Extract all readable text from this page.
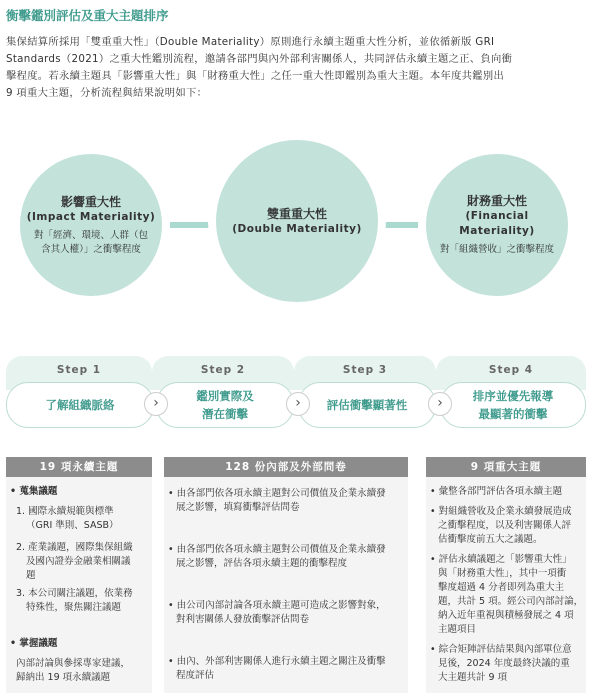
衡擊鑑別評估及重大主題排序
集保結算所採用「雙重重大性」（Double Materiality）原則進行永續主題重大性分析，並依循新版 GRI
Standards（2021）之重大性鑑別流程，邀請各部門與內外部利害關係人，共同評估永續主題之正、負向衝
擊程度。若永續主題具「影響重大性」與「財務重大性」之任一重大性即鑑別為重大主題。本年度共鑑別出
9 項重大主題，分析流程與結果說明如下：
影響重大性
(Impact Materiality)
對「經濟、環境、人群（包
含其人權）」之衝擊程度
雙重重大性
(Double Materiality)
財務重大性
(Financial Materiality)
對「組織營收」之衝擊程度
Step 1	Step 2	Step 3	Step 4
了解組織脈絡
鑑別實際及
潛在衝擊
評估衝擊顯著性
排序並優先報導
最顯著的衝擊
›	›	›
19 項永續主題
• 蒐集議題
1. 國際永續規範與標準
（GRI 準則、SASB）
2. 產業議題，國際集保組織
及國內證券金融業相關議
題
3. 本公司關注議題，依業務
特殊性，聚焦關注議題
• 掌握議題
內部討論與參採專家建議，
歸納出 19 項永續議題
128 份內部及外部問卷
• 由各部門依各項永續主題對公司價值及企業永續發
展之影響，填寫衝擊評估問卷
• 由各部門依各項永續主題對公司價值及企業永續發
展之影響，評估各項永續主題的衝擊程度
• 由公司內部討論各項永續主題可造成之影響對象，
對利害關係人發放衝擊評估問卷
• 由內、外部利害關係人進行永續主題之關注及衝擊
程度評估
9 項重大主題
• 彙整各部門評估各項永續主題
• 對組織營收及企業永續發展造成
之衝擊程度，以及利害關係人評
估衝擊度前五大之議題。
• 評估永續議題之「影響重大性」
與「財務重大性」，其中一項衝
擊度超過 4 分者即列為重大主
題，共計 5 項。經公司內部討論，
納入近年重視與積極發展之 4 項
主題項目
• 綜合矩陣評估結果與內部單位意
見後，2024 年度最終決議的重
大主題共計 9 項
